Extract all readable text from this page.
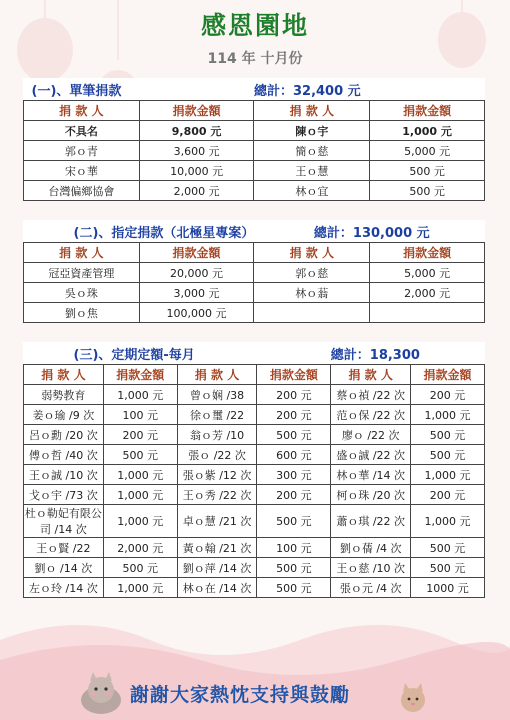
感恩園地
114 年 十月份
(一)、單筆捐款		總計：32,400 元	
捐 款 人	捐款金額	捐 款 人	捐款金額
不具名	9,800 元	陳ｏ宇	1,000 元
郭ｏ青	3,600 元	簡ｏ慈	5,000 元
宋ｏ華	10,000 元	王ｏ慧	500 元
台灣偏鄉協會	2,000 元	林ｏ宜	500 元
(二)、指定捐款（北極星專案）		總計：130,000 元	
捐 款 人	捐款金額	捐 款 人	捐款金額
冠亞資產管理	20,000 元	郭ｏ慈	5,000 元
吳ｏ珠	3,000 元	林ｏ蓊	2,000 元
劉ｏ焦	100,000 元		
(三)、定期定額-每月				總計：18,300	
捐 款 人	捐款金額	捐 款 人	捐款金額	捐 款 人	捐款金額
弱勢教育	1,000 元	曾ｏ娴 /38	200 元	蔡ｏ禎 /22 次	200 元
姜ｏ瑜 /9 次	100 元	徐ｏ璽 /22	200 元	范ｏ保 /22 次	1,000 元
呂ｏ勳 /20 次	200 元	翁ｏ芳 /10	500 元	廖ｏ /22 次	500 元
傅ｏ哲 /40 次	500 元	張ｏ /22 次	600 元	盛ｏ誠 /22 次	500 元
王ｏ誠 /10 次	1,000 元	張ｏ紫 /12 次	300 元	林ｏ華 /14 次	1,000 元
戈ｏ宇 /73 次	1,000 元	王ｏ秀 /22 次	200 元	柯ｏ珠 /20 次	200 元
杜ｏ勒妃有限公司 /14 次	1,000 元	卓ｏ慧 /21 次	500 元	蕭ｏ琪 /22 次	1,000 元
王ｏ賢 /22	2,000 元	黃ｏ翰 /21 次	100 元	劉ｏ蒨 /4 次	500 元
劉ｏ /14 次	500 元	劉ｏ萍 /14 次	500 元	王ｏ慈 /10 次	500 元
左ｏ玲 /14 次	1,000 元	林ｏ在 /14 次	500 元	張ｏ元 /4 次	1000 元
謝謝大家熱忱支持與鼓勵
